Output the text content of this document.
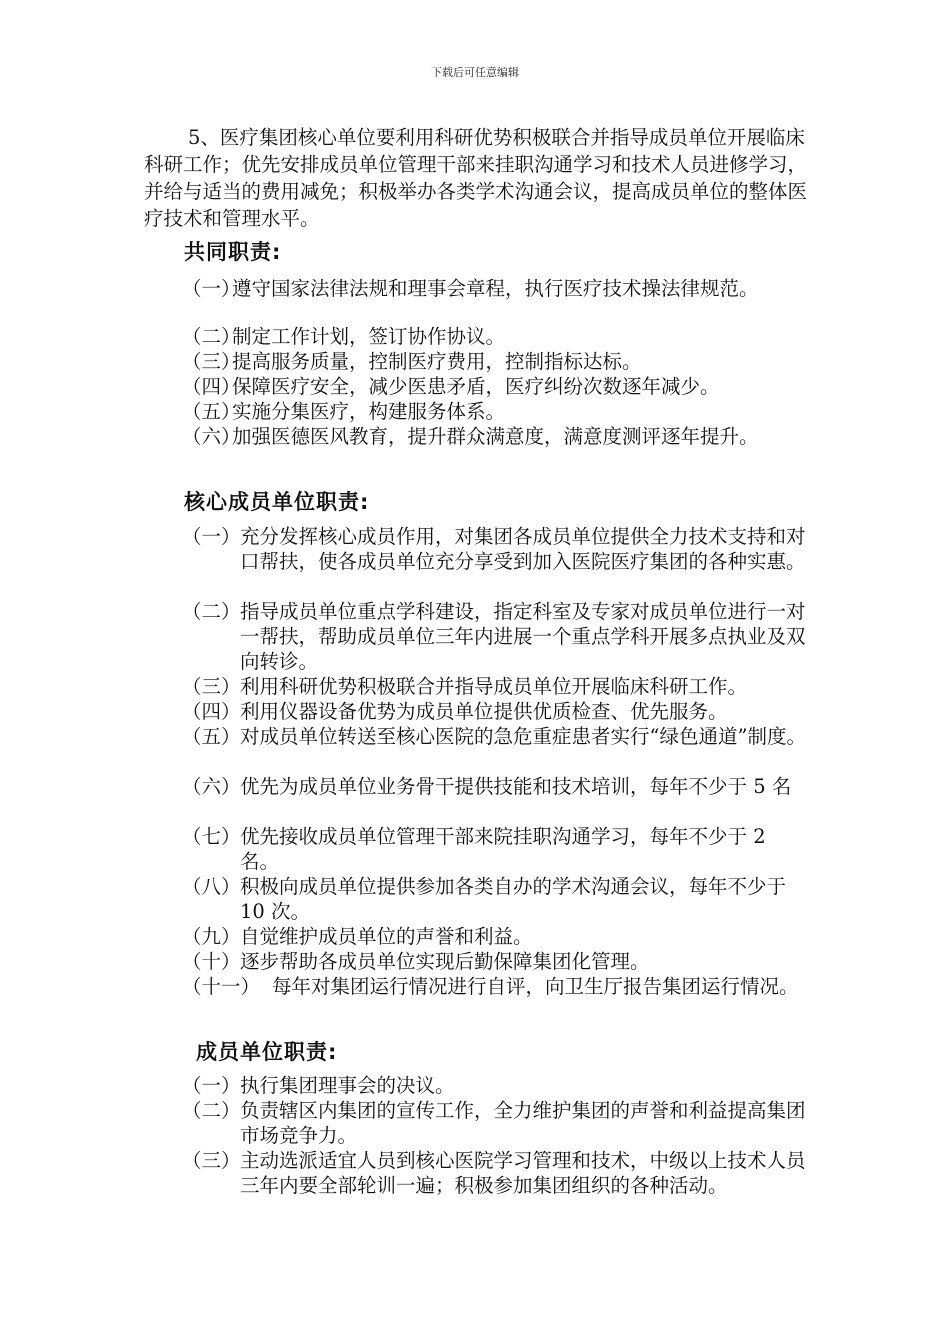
下载后可任意编辑

5、医疗集团核心单位要利用科研优势积极联合并指导成员单位开展临床科研工作；优先安排成员单位管理干部来挂职沟通学习和技术人员进修学习，并给与适当的费用减免；积极举办各类学术沟通会议，提高成员单位的整体医疗技术和管理水平。

共同职责:
（一）
遵守国家法律法规和理事会章程，执行医疗技术操法律规范。
（二）
制定工作计划，签订协作协议。
（三）
提高服务质量，控制医疗费用，控制指标达标。
（四）
保障医疗安全，减少医患矛盾，医疗纠纷次数逐年减少。
（五）
实施分集医疗，构建服务体系。
（六）
加强医德医风教育，提升群众满意度，满意度测评逐年提升。
核心成员单位职责:
（一） 充分发挥核心成员作用，对集团各成员单位提供全力技术支持和对口帮扶，使各成员单位充分享受到加入医院医疗集团的各种实惠。
（二） 指导成员单位重点学科建设，指定科室及专家对成员单位进行一对一帮扶，帮助成员单位三年内进展一个重点学科开展多点执业及双向转诊。
（三） 利用科研优势积极联合并指导成员单位开展临床科研工作。
（四） 利用仪器设备优势为成员单位提供优质检查、优先服务。
（五） 对成员单位转送至核心医院的急危重症患者实行“绿色通道”制度。
（六） 优先为成员单位业务骨干提供技能和技术培训，每年不少于 5 名
（七） 优先接收成员单位管理干部来院挂职沟通学习，每年不少于 2 名。
（八） 积极向成员单位提供参加各类自办的学术沟通会议，每年不少于 10 次。
（九） 自觉维护成员单位的声誉和利益。
（十） 逐步帮助各成员单位实现后勤保障集团化管理。
（十一） 每年对集团运行情况进行自评，向卫生厅报告集团运行情况。
成员单位职责:
（一） 执行集团理事会的决议。
（二） 负责辖区内集团的宣传工作，全力维护集团的声誉和利益提高集团市场竞争力。
（三） 主动选派适宜人员到核心医院学习管理和技术，中级以上技术人员三年内要全部轮训一遍；积极参加集团组织的各种活动。
